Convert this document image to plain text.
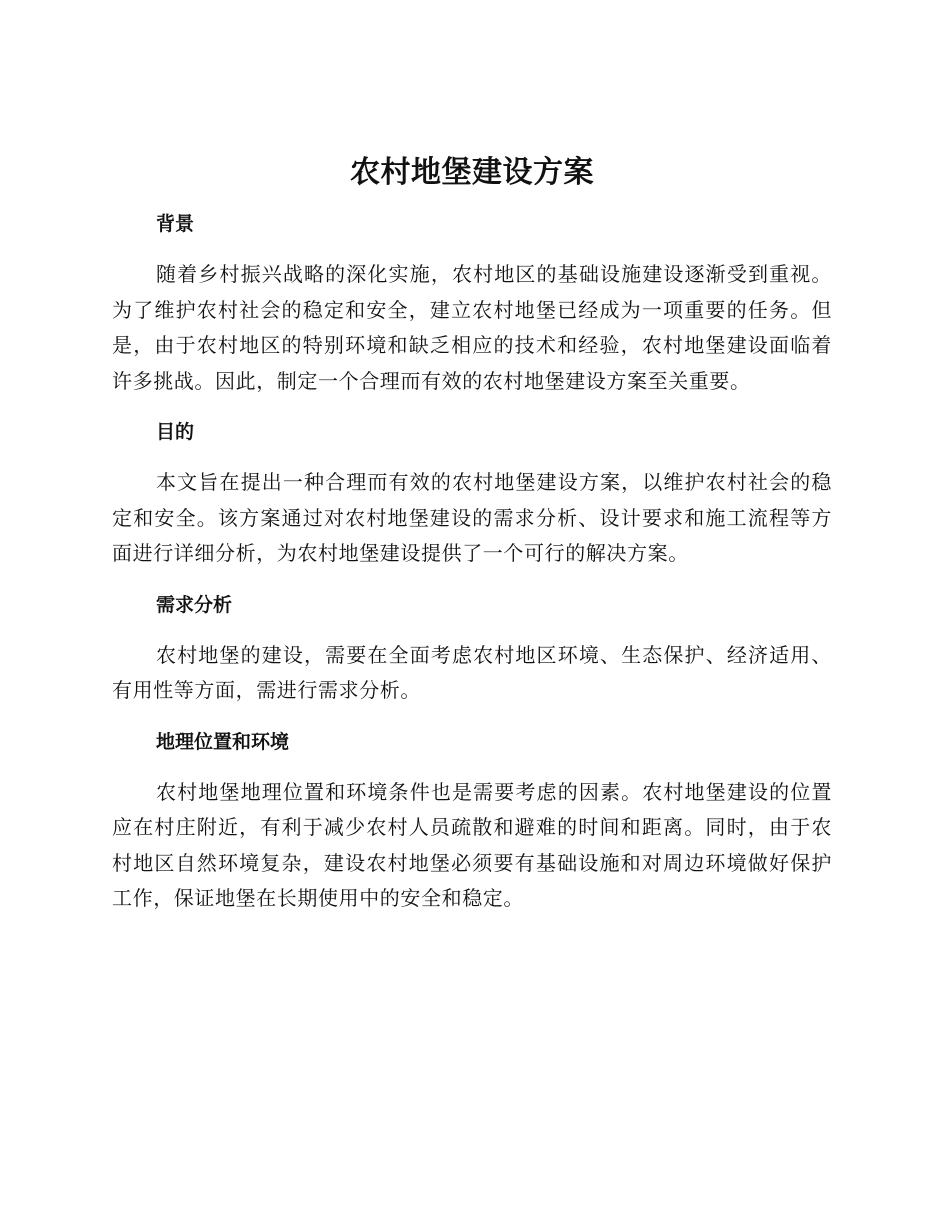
农村地堡建设方案
背景

随着乡村振兴战略的深化实施，农村地区的基础设施建设逐渐受到重视。为了维护农村社会的稳定和安全，建立农村地堡已经成为一项重要的任务。但是，由于农村地区的特别环境和缺乏相应的技术和经验，农村地堡建设面临着许多挑战。因此，制定一个合理而有效的农村地堡建设方案至关重要。

目的

本文旨在提出一种合理而有效的农村地堡建设方案，以维护农村社会的稳定和安全。该方案通过对农村地堡建设的需求分析、设计要求和施工流程等方面进行详细分析，为农村地堡建设提供了一个可行的解决方案。

需求分析

农村地堡的建设，需要在全面考虑农村地区环境、生态保护、经济适用、有用性等方面，需进行需求分析。

地理位置和环境

农村地堡地理位置和环境条件也是需要考虑的因素。农村地堡建设的位置应在村庄附近，有利于减少农村人员疏散和避难的时间和距离。同时，由于农村地区自然环境复杂，建设农村地堡必须要有基础设施和对周边环境做好保护工作，保证地堡在长期使用中的安全和稳定。
